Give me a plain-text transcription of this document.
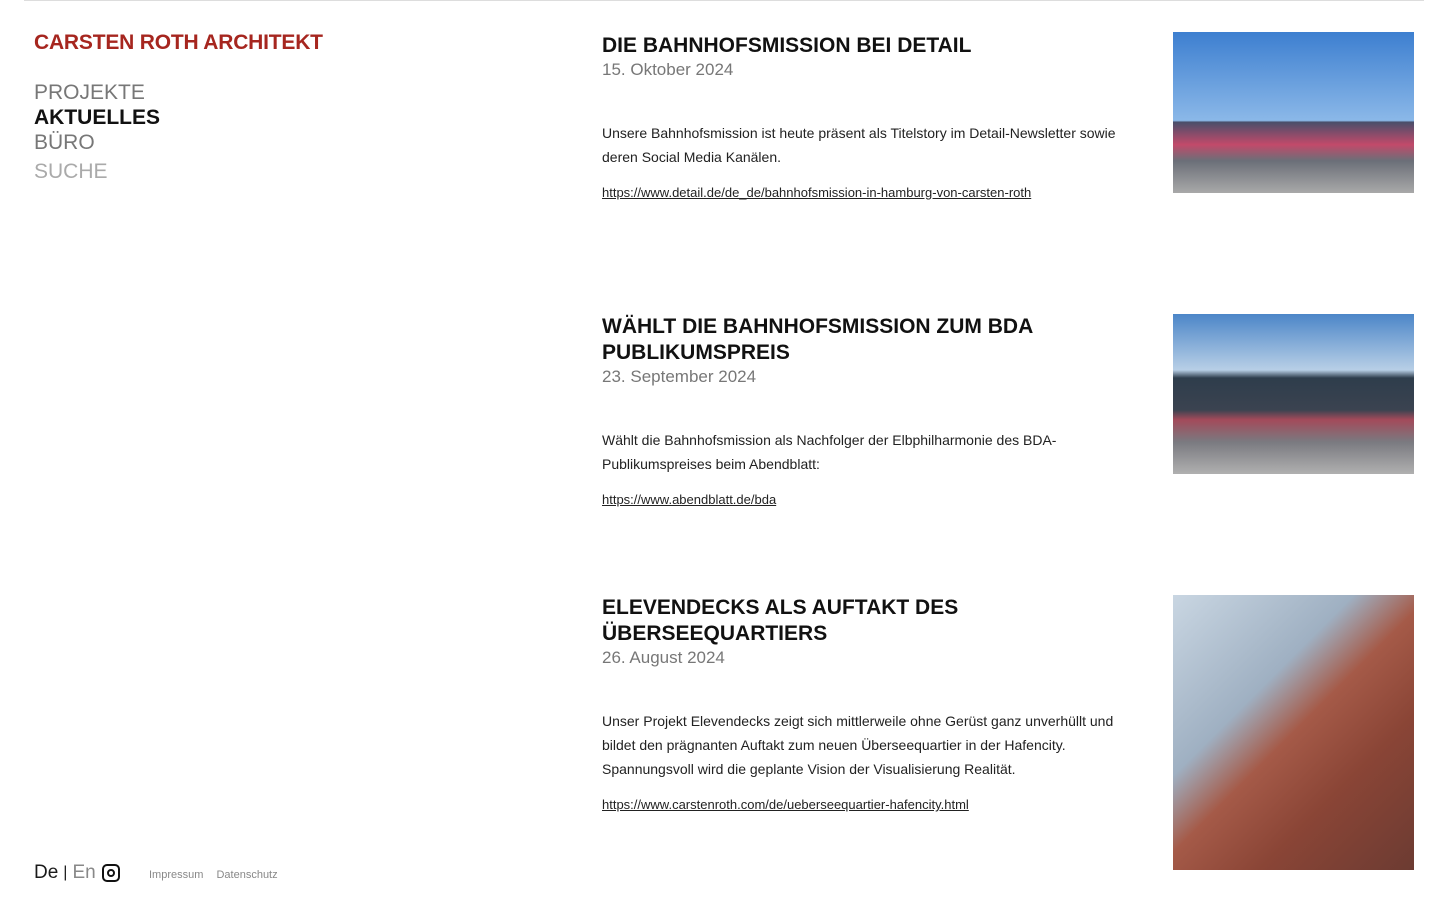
CARSTEN ROTH ARCHITEKT
PROJEKTE
AKTUELLES
BÜRO
SUCHE
DIE BAHNHOFSMISSION BEI DETAIL
15. Oktober 2024

Unsere Bahnhofsmission ist heute präsent als Titelstory im Detail-Newsletter sowie deren Social Media Kanälen.

https://www.detail.de/de_de/bahnhofsmission-in-hamburg-von-carsten-roth
WÄHLT DIE BAHNHOFSMISSION ZUM BDA PUBLIKUMSPREIS
23. September 2024

Wählt die Bahnhofsmission als Nachfolger der Elbphilharmonie des BDA-Publikumspreises beim Abendblatt:

https://www.abendblatt.de/bda
ELEVENDECKS ALS AUFTAKT DES ÜBERSEEQUARTIERS
26. August 2024

Unser Projekt Elevendecks zeigt sich mittlerweile ohne Gerüst ganz unverhüllt und bildet den prägnanten Auftakt zum neuen Überseequartier in der Hafencity. Spannungsvoll wird die geplante Vision der Visualisierung Realität.

https://www.carstenroth.com/de/ueberseequartier-hafencity.html
De | En	Impressum Datenschutz
